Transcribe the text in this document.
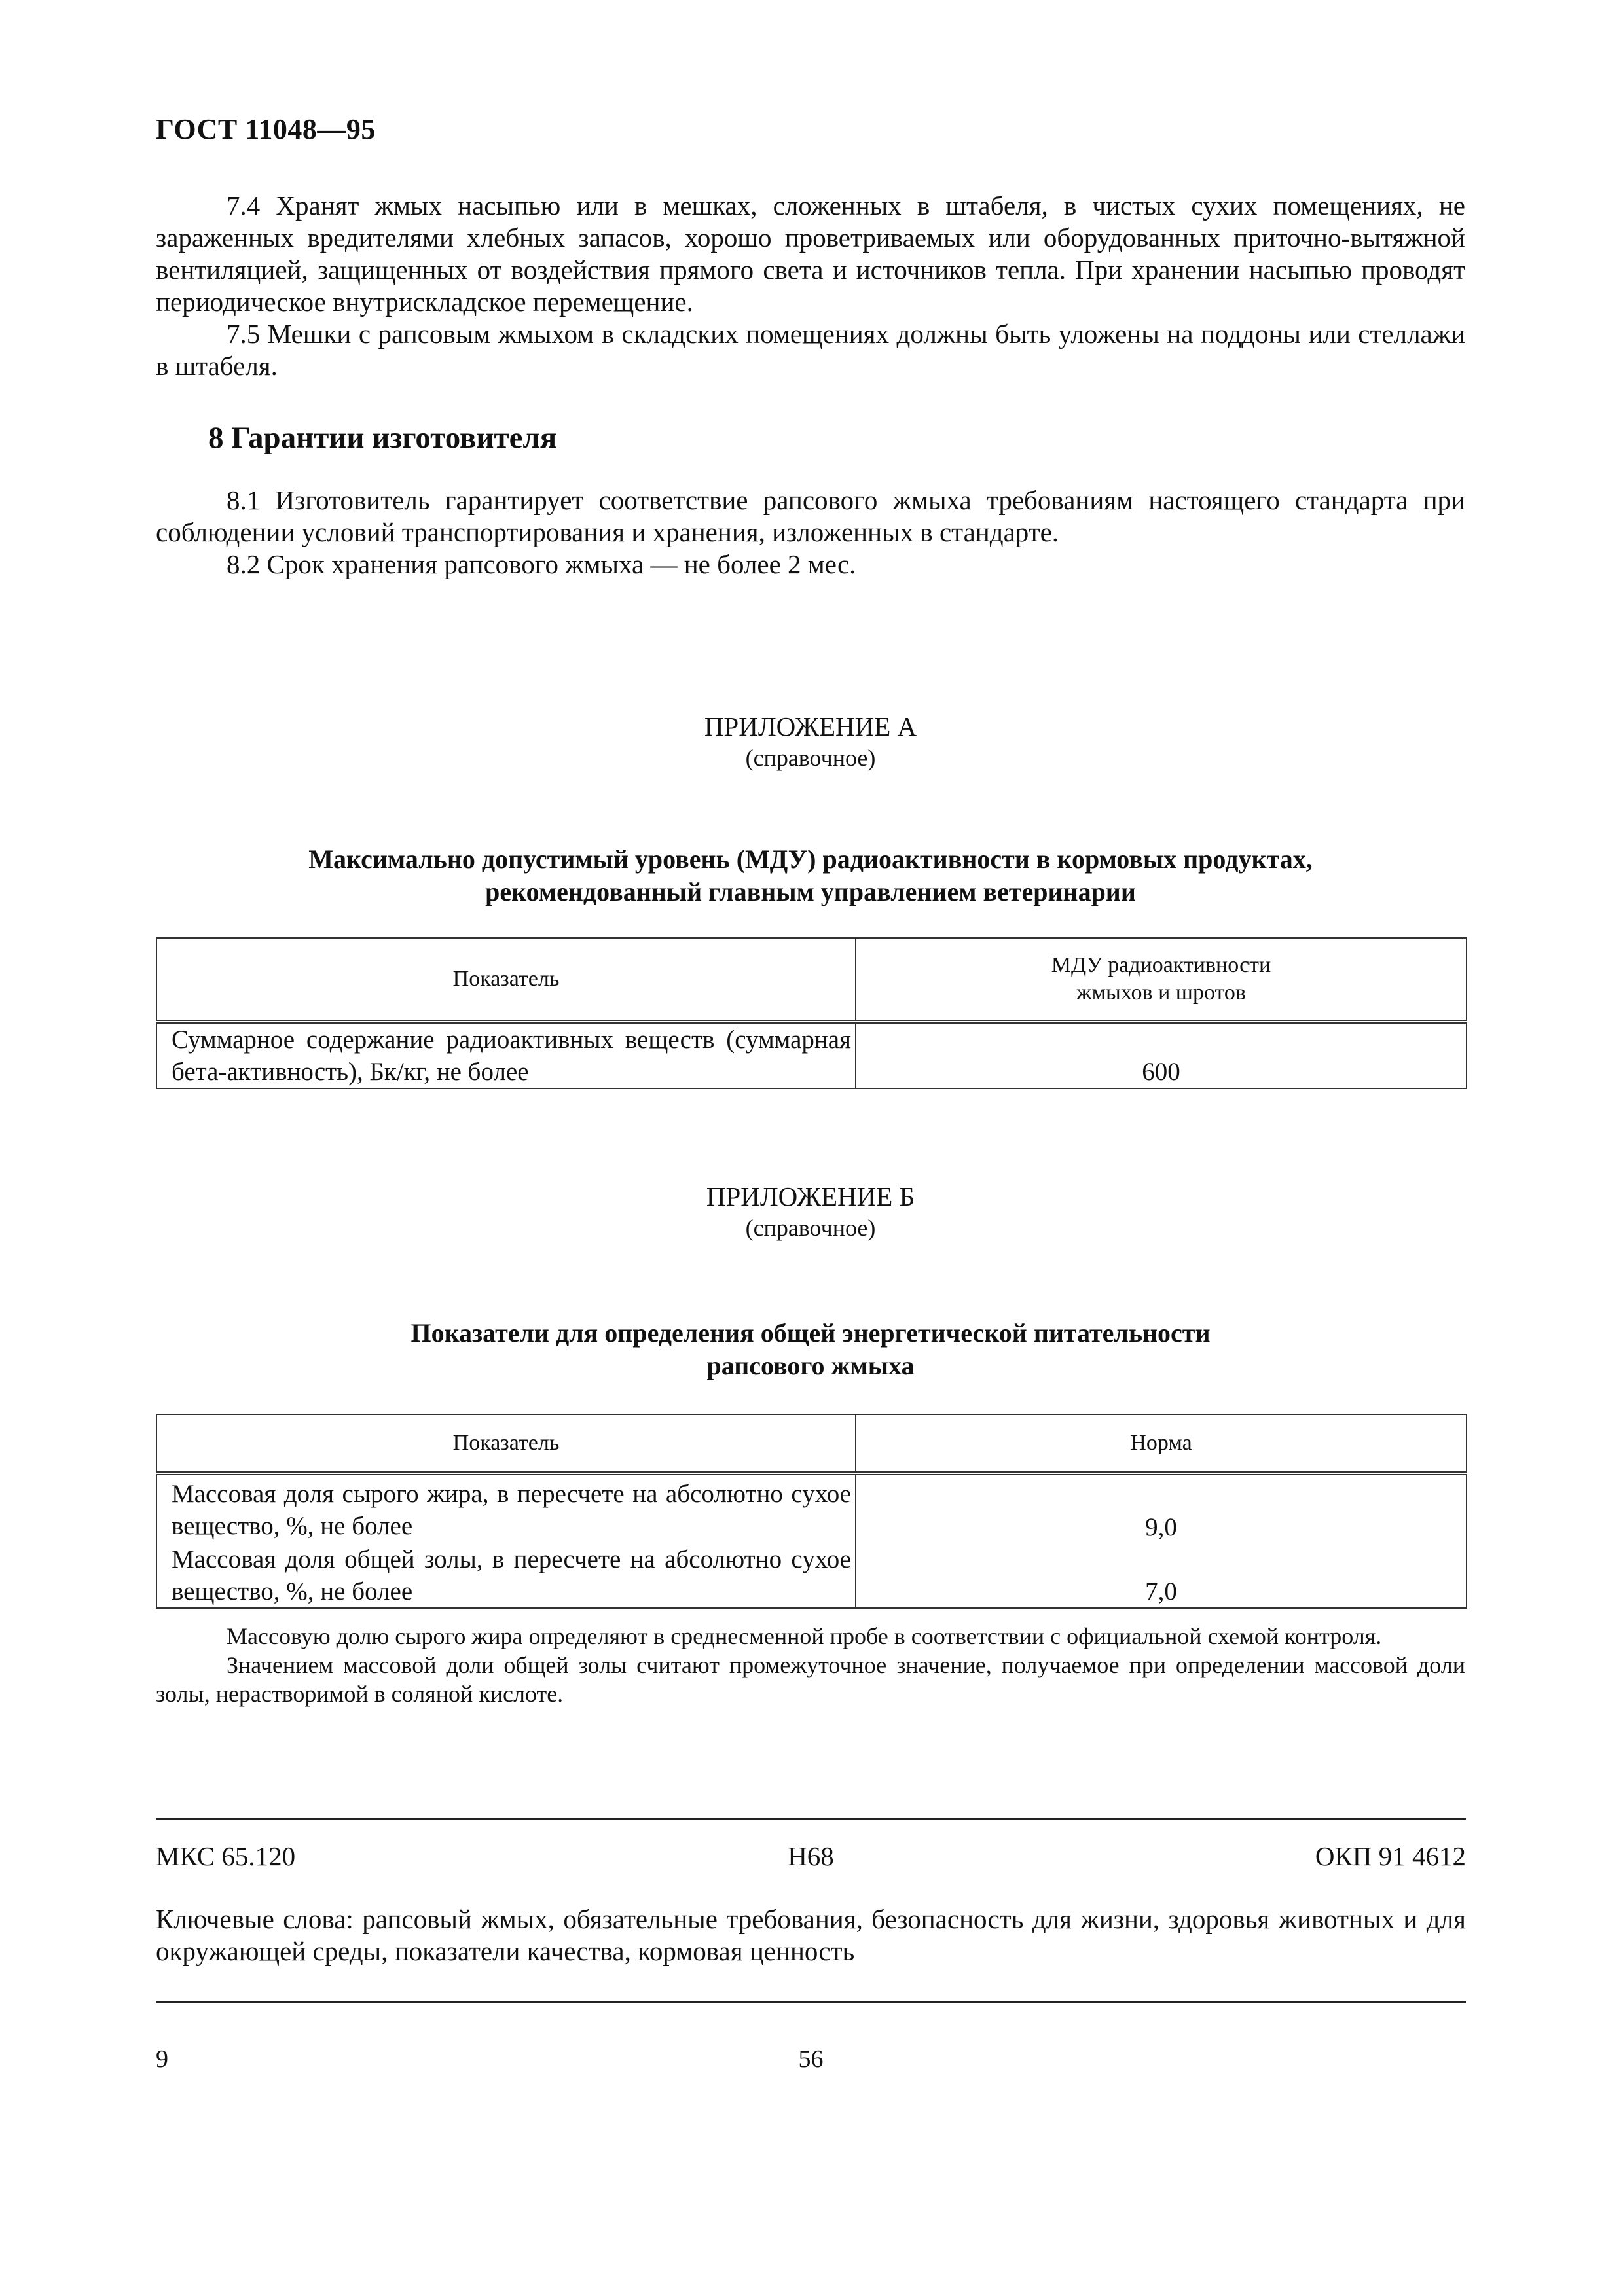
ГОСТ 11048—95

7.4 Хранят жмых насыпью или в мешках, сложенных в штабеля, в чистых сухих помещениях, не зараженных вредителями хлебных запасов, хорошо проветриваемых или оборудованных приточно-вытяжной вентиляцией, защищенных от воздействия прямого света и источников тепла. При хранении насыпью проводят периодическое внутрискладское перемещение.

7.5 Мешки с рапсовым жмыхом в складских помещениях должны быть уложены на поддоны или стеллажи в штабеля.

8 Гарантии изготовителя

8.1 Изготовитель гарантирует соответствие рапсового жмыха требованиям настоящего стандарта при соблюдении условий транспортирования и хранения, изложенных в стандарте.

8.2 Срок хранения рапсового жмыха — не более 2 мес.

ПРИЛОЖЕНИЕ А
(справочное)
Максимально допустимый уровень (МДУ) радиоактивности в кормовых продуктах,
рекомендованный главным управлением ветеринарии
Показатель	МДУ радиоактивности
жмыхов и шротов

Суммарное содержание радиоактивных веществ (суммарная бета-активность), Бк/кг, не более	600
ПРИЛОЖЕНИЕ Б
(справочное)
Показатели для определения общей энергетической питательности
рапсового жмыха
Показатель	Норма
Массовая доля сырого жира, в пересчете на абсолютно сухое вещество, %, не более	9,0
Массовая доля общей золы, в пересчете на абсолютно сухое вещество, %, не более	7,0

Массовую долю сырого жира определяют в среднесменной пробе в соответствии с официальной схемой контроля.

Значением массовой доли общей золы считают промежуточное значение, получаемое при определении массовой доли золы, нерастворимой в соляной кислоте.

Н68
МКС 65.120	ОКП 91 4612
Ключевые слова: рапсовый жмых, обязательные требования, безопасность для жизни, здоровья животных и для окружающей среды, показатели качества, кормовая ценность
56
9
